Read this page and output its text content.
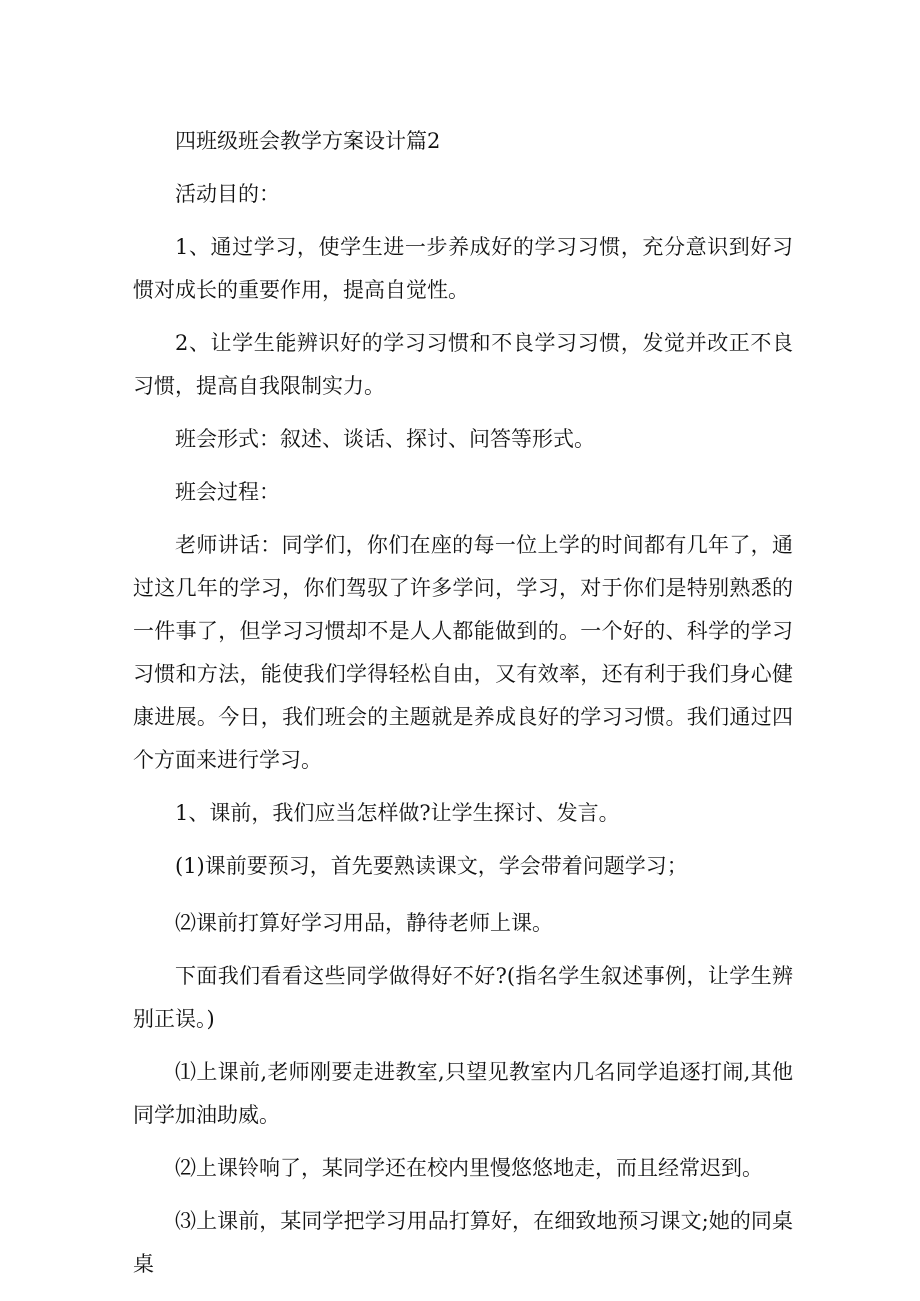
四班级班会教学方案设计篇2

活动目的：

1、通过学习，使学生进一步养成好的学习习惯，充分意识到好习惯对成长的重要作用，提高自觉性。

2、让学生能辨识好的学习习惯和不良学习习惯，发觉并改正不良习惯，提高自我限制实力。

班会形式：叙述、谈话、探讨、问答等形式。

班会过程：

老师讲话：同学们，你们在座的每一位上学的时间都有几年了，通过这几年的学习，你们驾驭了许多学问，学习，对于你们是特别熟悉的一件事了，但学习习惯却不是人人都能做到的。一个好的、科学的学习习惯和方法，能使我们学得轻松自由，又有效率，还有利于我们身心健康进展。今日，我们班会的主题就是养成良好的学习习惯。我们通过四个方面来进行学习。

1、课前，我们应当怎样做?让学生探讨、发言。

(1)课前要预习，首先要熟读课文，学会带着问题学习；

⑵课前打算好学习用品，静待老师上课。

下面我们看看这些同学做得好不好?(指名学生叙述事例，让学生辨别正误。)

⑴上课前,老师刚要走进教室,只望见教室内几名同学追逐打闹,其他同学加油助威。

⑵上课铃响了，某同学还在校内里慢悠悠地走，而且经常迟到。

⑶上课前，某同学把学习用品打算好，在细致地预习课文;她的同桌桌
